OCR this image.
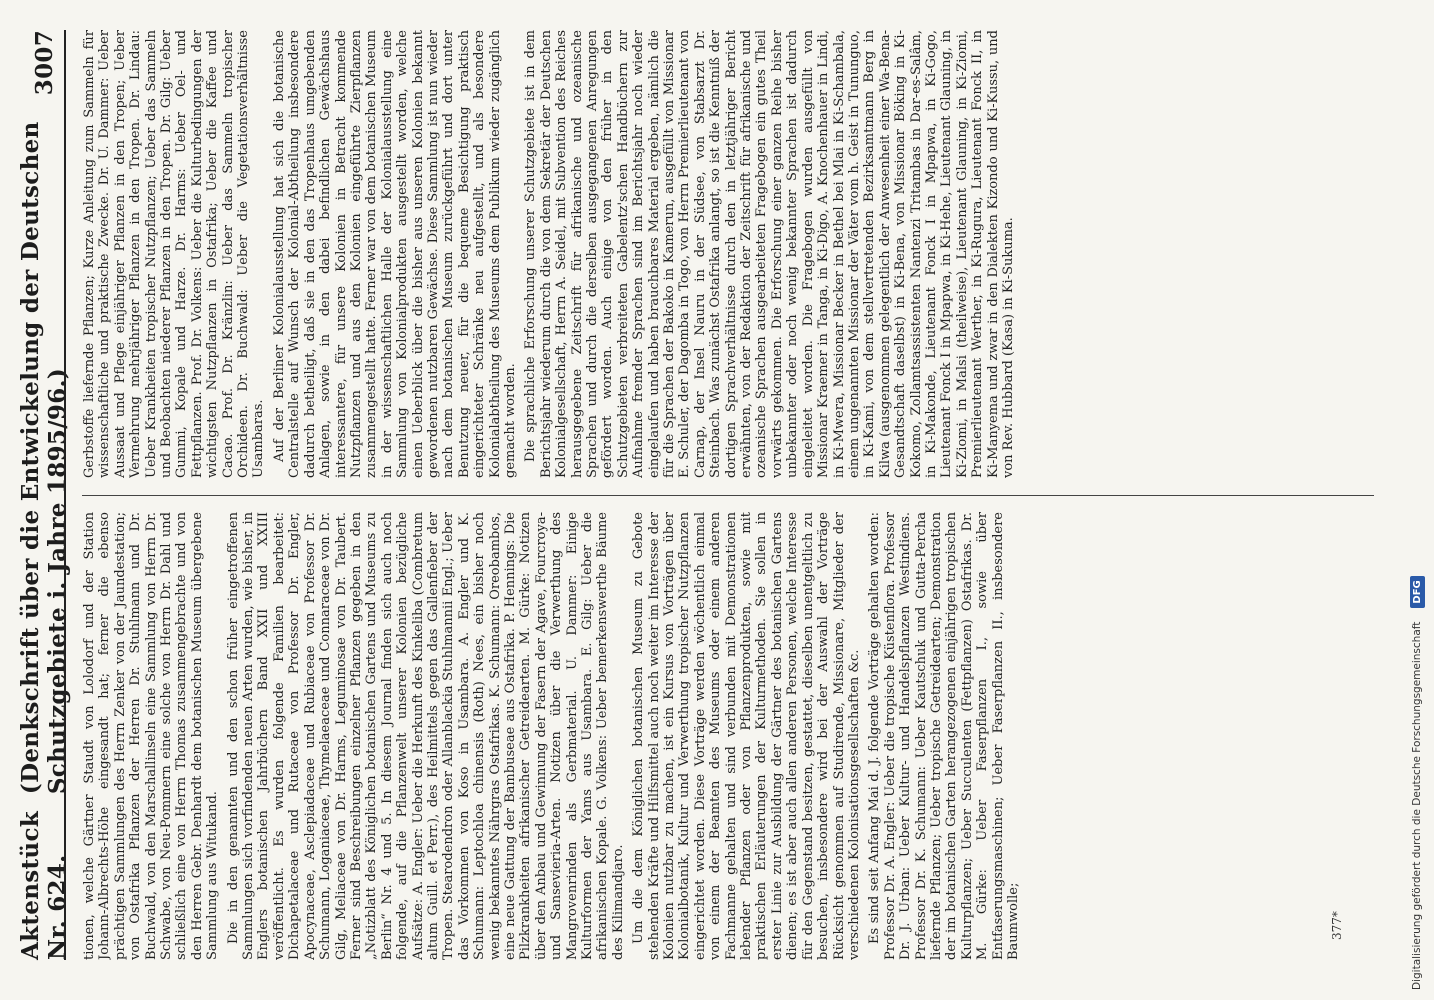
Aktenstück Nr. 624.
(Denkschrift über die Entwickelung der Deutschen Schutzgebiete i. Jahre 1895/96.)
3007

tionen, welche Gärtner Staudt von Lolodorf und der Station Johann-Albrechts-Höhe eingesandt hat; ferner die ebenso prächtigen Sammlungen des Herrn Zenker von der Jaundestation; von Ostafrika Pflanzen der Herren Dr. Stuhlmann und Dr. Buchwald, von den Marschallinseln eine Sammlung von Herrn Dr. Schwabe, von Neu-Pommern eine solche von Herrn Dr. Dahl und schließlich eine von Herrn Thomas zusammengebrachte und von den Herren Gebr. Denhardt dem botanischen Museum übergebene Sammlung aus Witukand. Die in den genannten und den schon früher eingetroffenen Sammlungen sich vorfindenden neuen Arten wurden, wie bisher, in Englers botanischen Jahrbüchern Band XXII und XXIII veröffentlicht. Es wurden folgende Familien bearbeitet: Dichapetalaceae und Rutaceae von Professor Dr. Engler, Apocynaceae, Asclepiadaceae und Rubiaceae von Professor Dr. Schumann, Loganiaceae, Thymelaeaceae und Connaraceae von Dr. Gilg, Meliaceae von Dr. Harms, Leguminosae von Dr. Taubert. Ferner sind Beschreibungen einzelner Pflanzen gegeben in den „Notizblatt des Königlichen botanischen Gartens und Museums zu Berlin“ Nr. 4 und 5. In diesem Journal finden sich auch noch folgende, auf die Pflanzenwelt unserer Kolonien bezügliche Aufsätze: A. Engler: Ueber die Herkunft des Kinkeliba (Combretum altum Guill. et Perr.), des Heilmittels gegen das Gallenfieber der Tropen. Stearodendron oder Allanblackia Stuhlmannii Engl.; Ueber das Vorkommen von Koso in Usambara. A. Engler und K. Schumann: Leptochloa chinensis (Roth) Nees, ein bisher noch wenig bekanntes Nährgras Ostafrikas. K. Schumann: Oreobambos, eine neue Gattung der Bambuseae aus Ostafrika. P. Hennings: Die Pilzkrankheiten afrikanischer Getreidearten. M. Gürke: Notizen über den Anbau und Gewinnung der Fasern der Agave, Fourcroya- und Sansevieria-Arten. Notizen über die Verwerthung des Mangrovenrinden als Gerbmaterial. U. Dammer: Einige Kulturformen der Yams aus Usambara. E. Gilg: Ueber die afrikanischen Kopale. G. Volkens: Ueber bemerkenswerthe Bäume des Kilimandjaro. Um die dem Königlichen botanischen Museum zu Gebote stehenden Kräfte und Hilfsmittel auch noch weiter im Interesse der Kolonien nutzbar zu machen, ist ein Kursus von Vorträgen über Kolonialbotanik, Kultur und Verwerthung tropischer Nutzpflanzen eingerichtet worden. Diese Vorträge werden wöchentlich einmal von einem der Beamten des Museums oder einem anderen Fachmanne gehalten und sind verbunden mit Demonstrationen lebender Pflanzen oder von Pflanzenprodukten, sowie mit praktischen Erläuterungen der Kulturmethoden. Sie sollen in erster Linie zur Ausbildung der Gärtner des botanischen Gartens dienen; es ist aber auch allen anderen Personen, welche Interesse für den Gegenstand besitzen, gestattet, dieselben unentgeltlich zu besuchen, insbesondere wird bei der Auswahl der Vorträge Rücksicht genommen auf Studirende, Missionare, Mitglieder der verschiedenen Kolonisationsgesellschaften &c. Es sind seit Anfang Mai d. J. folgende Vorträge gehalten worden: Professor Dr. A. Engler: Ueber die tropische Küstenflora. Professor Dr. J. Urban: Ueber Kultur- und Handelspflanzen Westindiens. Professor Dr. K. Schumann: Ueber Kautschuk und Gutta-Percha liefernde Pflanzen; Ueber tropische Getreidearten; Demonstration der im botanischen Garten herangezogenen einjährigen tropischen Kulturpflanzen; Ueber Succulenten (Fettpflanzen) Ostafrikas. Dr. M. Gürke: Ueber Faserpflanzen I., sowie über Entfaserungsmaschinen; Ueber Faserpflanzen II., insbesondere Baumwolle;

Gerbstoffe liefernde Pflanzen; Kurze Anleitung zum Sammeln für wissenschaftliche und praktische Zwecke. Dr. U. Dammer: Ueber Aussaat und Pflege einjähriger Pflanzen in den Tropen; Ueber Vermehrung mehrjähriger Pflanzen in den Tropen. Dr. Lindau: Ueber Krankheiten tropischer Nutzpflanzen; Ueber das Sammeln und Beobachten niederer Pflanzen in den Tropen. Dr. Gilg: Ueber Gummi, Kopale und Harze. Dr. Harms: Ueber Oel- und Fettpflanzen. Prof. Dr. Volkens: Ueber die Kulturbedingungen der wichtigsten Nutzpflanzen in Ostafrika; Ueber die Kaffee und Cacao. Prof. Dr. Kränzlin: Ueber das Sammeln tropischer Orchideen. Dr. Buchwald: Ueber die Vegetationsverhältnisse Usambaras. Auf der Berliner Kolonialausstellung hat sich die botanische Centralstelle auf Wunsch der Kolonial-Abtheilung insbesondere dadurch betheiligt, daß sie in den das Tropenhaus umgebenden Anlagen, sowie in den dabei befindlichen Gewächshaus interessantere, für unsere Kolonien in Betracht kommende Nutzpflanzen und aus den Kolonien eingeführte Zierpflanzen zusammengestellt hatte. Ferner war von dem botanischen Museum in der wissenschaftlichen Halle der Kolonialausstellung eine Sammlung von Kolonialprodukten ausgestellt worden, welche einen Ueberblick über die bisher aus unseren Kolonien bekannt gewordenen nutzbaren Gewächse. Diese Sammlung ist nun wieder nach dem botanischen Museum zurückgeführt und dort unter Benutzung neuer, für die bequeme Besichtigung praktisch eingerichteter Schränke neu aufgestellt, und als besondere Kolonialabtheilung des Museums dem Publikum wieder zugänglich gemacht worden. Die sprachliche Erforschung unserer Schutzgebiete ist in dem Berichtsjahr wiederum durch die von dem Sekretär der Deutschen Kolonialgesellschaft, Herrn A. Seidel, mit Subvention des Reiches herausgegebene Zeitschrift für afrikanische und ozeanische Sprachen und durch die derselben ausgegangenen Anregungen gefördert worden. Auch einige von den früher in den Schutzgebieten verbreiteten Gabelentz'schen Handbüchern zur Aufnahme fremder Sprachen sind im Berichtsjahr noch wieder eingelaufen und haben brauchbares Material ergeben, nämlich die für die Sprachen der Bakoko in Kamerun, ausgefüllt von Missionar E. Schuler, der Dagomba in Togo, von Herrn Premierlieutenant von Carnap, der Insel Nauru in der Südsee, von Stabsarzt Dr. Steinbach. Was zunächst Ostafrika anlangt, so ist die Kenntniß der dortigen Sprachverhältnisse durch den in letztjähriger Bericht erwähnten, von der Redaktion der Zeitschrift für afrikanische und ozeanische Sprachen ausgearbeiteten Fragebogen ein gutes Theil vorwärts gekommen. Die Erforschung einer ganzen Reihe bisher unbekannter oder noch wenig bekannter Sprachen ist dadurch eingeleitet worden. Die Fragebogen wurden ausgefüllt von Missionar Kraemer in Tanga, in Ki-Digo, A. Knochenhauer in Lindi, in Ki-Mwera, Missionar Becker in Bethel bei Mlai in Ki-Schambala, einem ungenannten Missionar der Väter vom h. Geist in Tununguo, in Ki-Kami, von dem stellvertretenden Bezirksamtmann Berg in Kilwa (ausgenommen gelegentlich der Anwesenheit einer Wa-Bena-Gesandtschaft daselbst) in Ki-Bena, von Missionar Böking in Ki-Kokomo, Zollamtsassistenten Nantenzi Tritambas in Dar-es-Salâm, in Ki-Makonde, Lieutenant Fonck I in Mpapwa, in Ki-Gogo, Lieutenant Fonck I in Mpapwa, in Ki-Hehe, Lieutenant Glauning, in Ki-Ziomi, in Malsi (theilweise), Lieutenant Glauning, in Ki-Ziomi, Premierlieutenant Werther, in Ki-Rugura, Lieutenant Fonck II, in Ki-Manyema und zwar in den Dialekten Kizondo und Ki-Kussu, und von Rev. Hubbard (Kasa) in Ki-Sukuma.

377*	Digitalisierung gefördert durch die Deutsche Forschungsgemeinschaft
DFG
